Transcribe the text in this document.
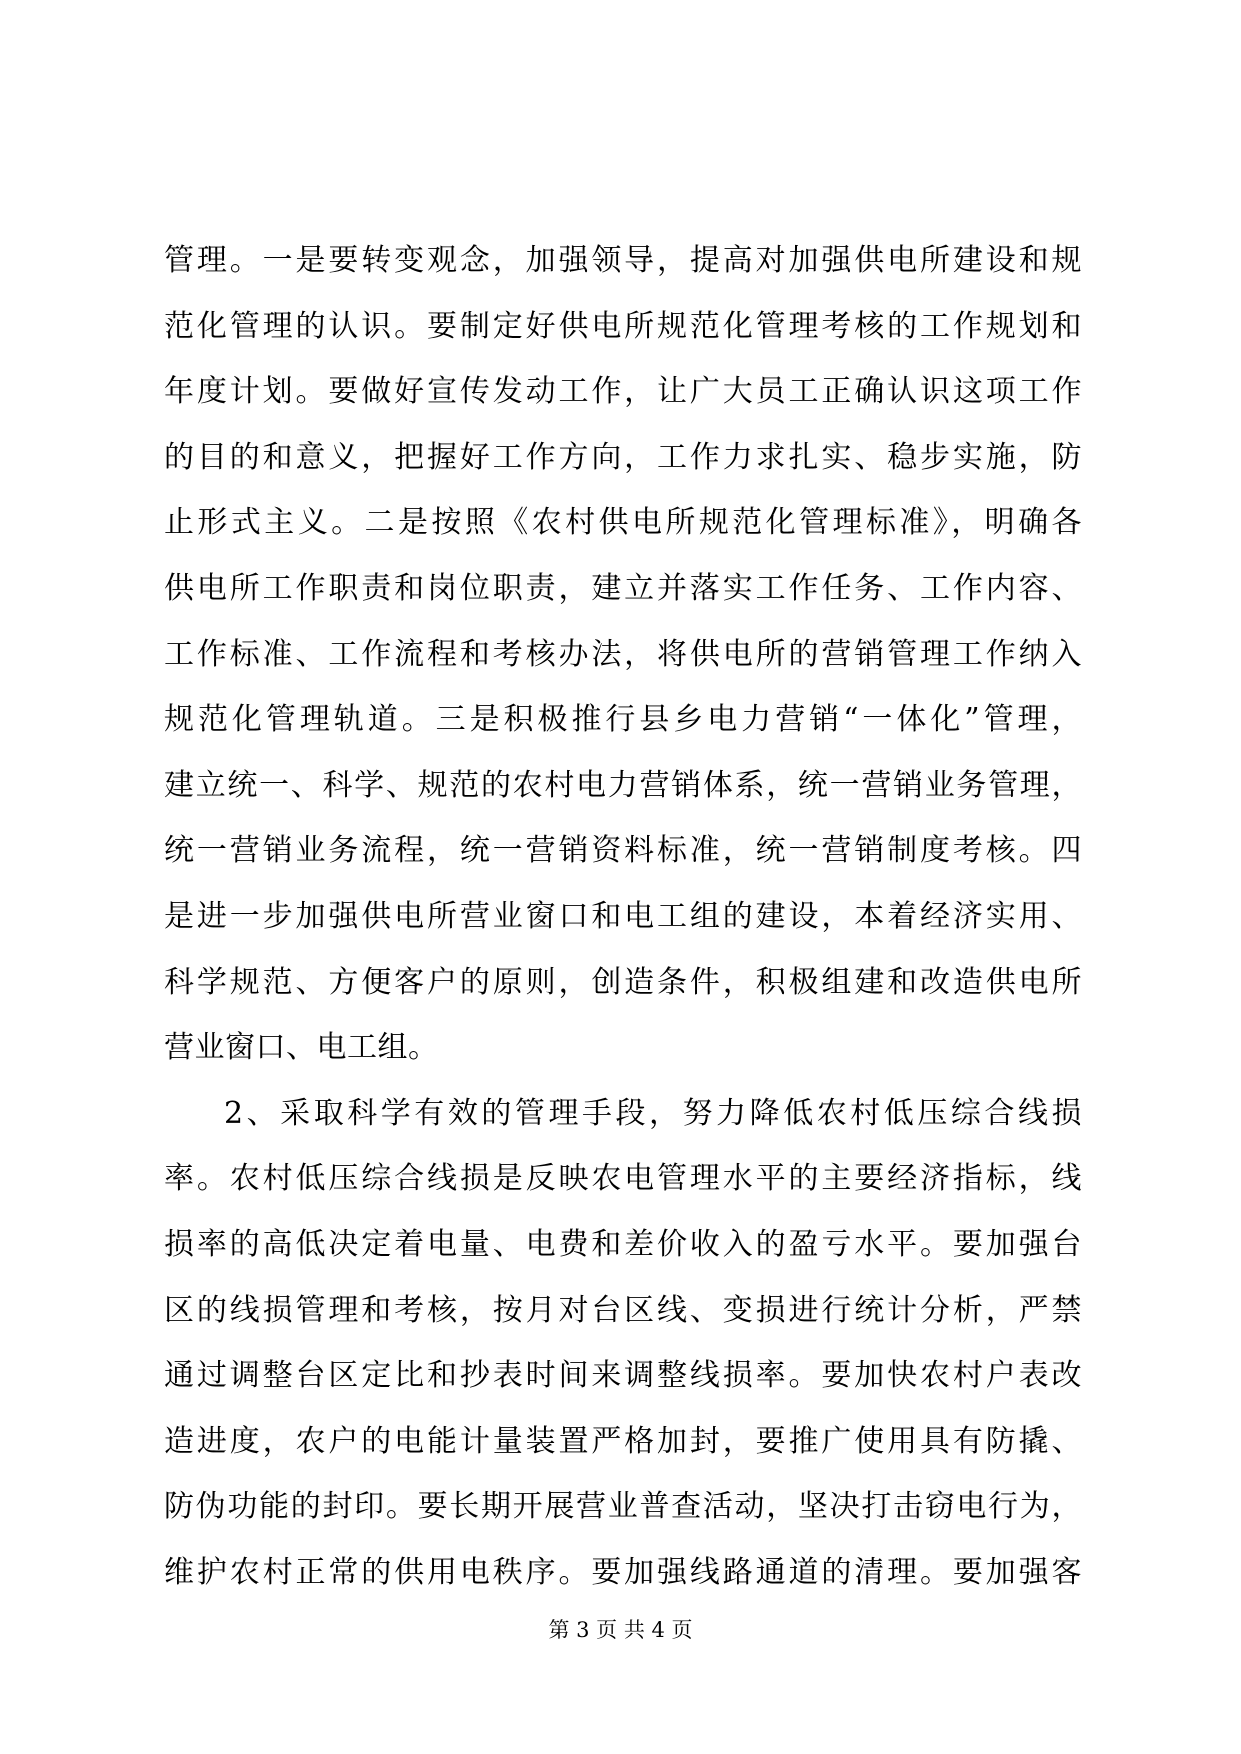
管理。一是要转变观念，加强领导，提高对加强供电所建设和规
范化管理的认识。要制定好供电所规范化管理考核的工作规划和
年度计划。要做好宣传发动工作，让广大员工正确认识这项工作
的目的和意义，把握好工作方向，工作力求扎实、稳步实施，防
止形式主义。二是按照《农村供电所规范化管理标准》，明确各
供电所工作职责和岗位职责，建立并落实工作任务、工作内容、
工作标准、工作流程和考核办法，将供电所的营销管理工作纳入
规范化管理轨道。三是积极推行县乡电力营销“一体化”管理，
建立统一、科学、规范的农村电力营销体系，统一营销业务管理，
统一营销业务流程，统一营销资料标准，统一营销制度考核。四
是进一步加强供电所营业窗口和电工组的建设，本着经济实用、
科学规范、方便客户的原则，创造条件，积极组建和改造供电所
营业窗口、电工组。
2、采取科学有效的管理手段，努力降低农村低压综合线损
率。农村低压综合线损是反映农电管理水平的主要经济指标，线
损率的高低决定着电量、电费和差价收入的盈亏水平。要加强台
区的线损管理和考核，按月对台区线、变损进行统计分析，严禁
通过调整台区定比和抄表时间来调整线损率。要加快农村户表改
造进度，农户的电能计量装置严格加封，要推广使用具有防撬、
防伪功能的封印。要长期开展营业普查活动，坚决打击窃电行为，
维护农村正常的供用电秩序。要加强线路通道的清理。要加强客
第 3 页 共 4 页
